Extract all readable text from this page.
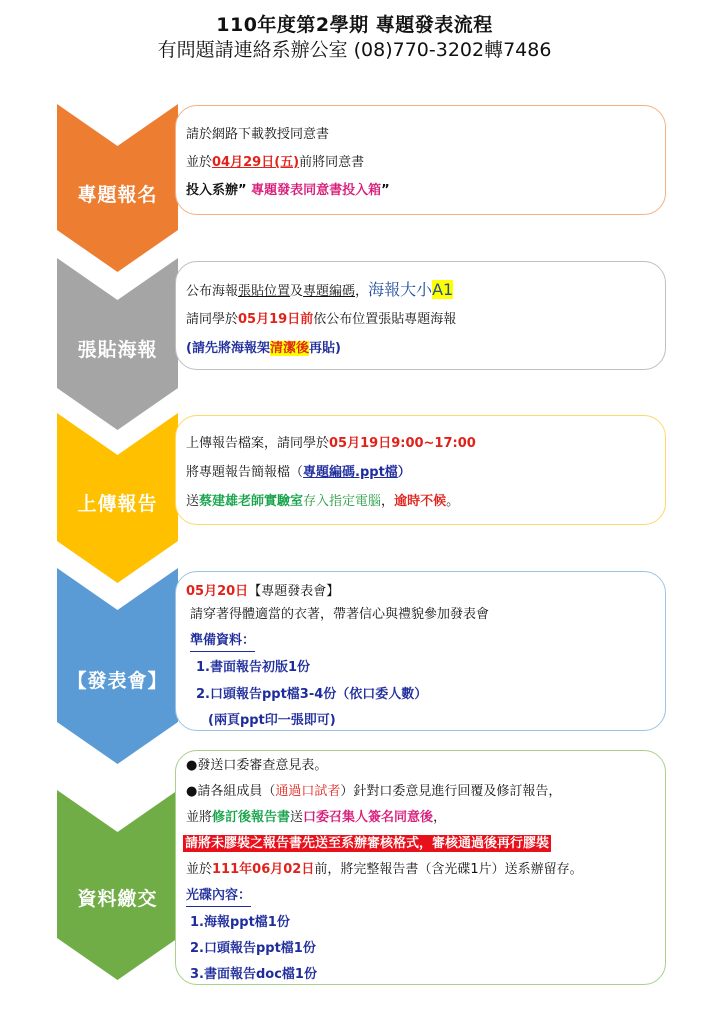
110年度第2學期 專題發表流程
有問題請連絡系辦公室 (08)770-3202轉7486
專題報名
請於網路下載教授同意書
並於04月29日(五)前將同意書
投入系辦” 專題發表同意書投入箱”
張貼海報
公布海報張貼位置及專題編碼，海報大小A1
請同學於05月19日前依公布位置張貼專題海報
(請先將海報架清潔後再貼)
上傳報告
上傳報告檔案，請同學於05月19日9:00~17:00
將專題報告簡報檔（專題編碼.ppt檔）
送蔡建雄老師實驗室存入指定電腦，逾時不候。
【發表會】
05月20日【專題發表會】
請穿著得體適當的衣著，帶著信心與禮貌參加發表會
準備資料：
1.書面報告初版1份
2.口頭報告ppt檔3-4份（依口委人數）
(兩頁ppt印一張即可)
資料繳交
●發送口委審查意見表。
●請各組成員（通過口試者）針對口委意見進行回覆及修訂報告，
並將修訂後報告書送口委召集人簽名同意後，
請將未膠裝之報告書先送至系辦審核格式，審核通過後再行膠裝
並於111年06月02日前，將完整報告書（含光碟1片）送系辦留存。
光碟內容：
1.海報ppt檔1份
2.口頭報告ppt檔1份
3.書面報告doc檔1份
